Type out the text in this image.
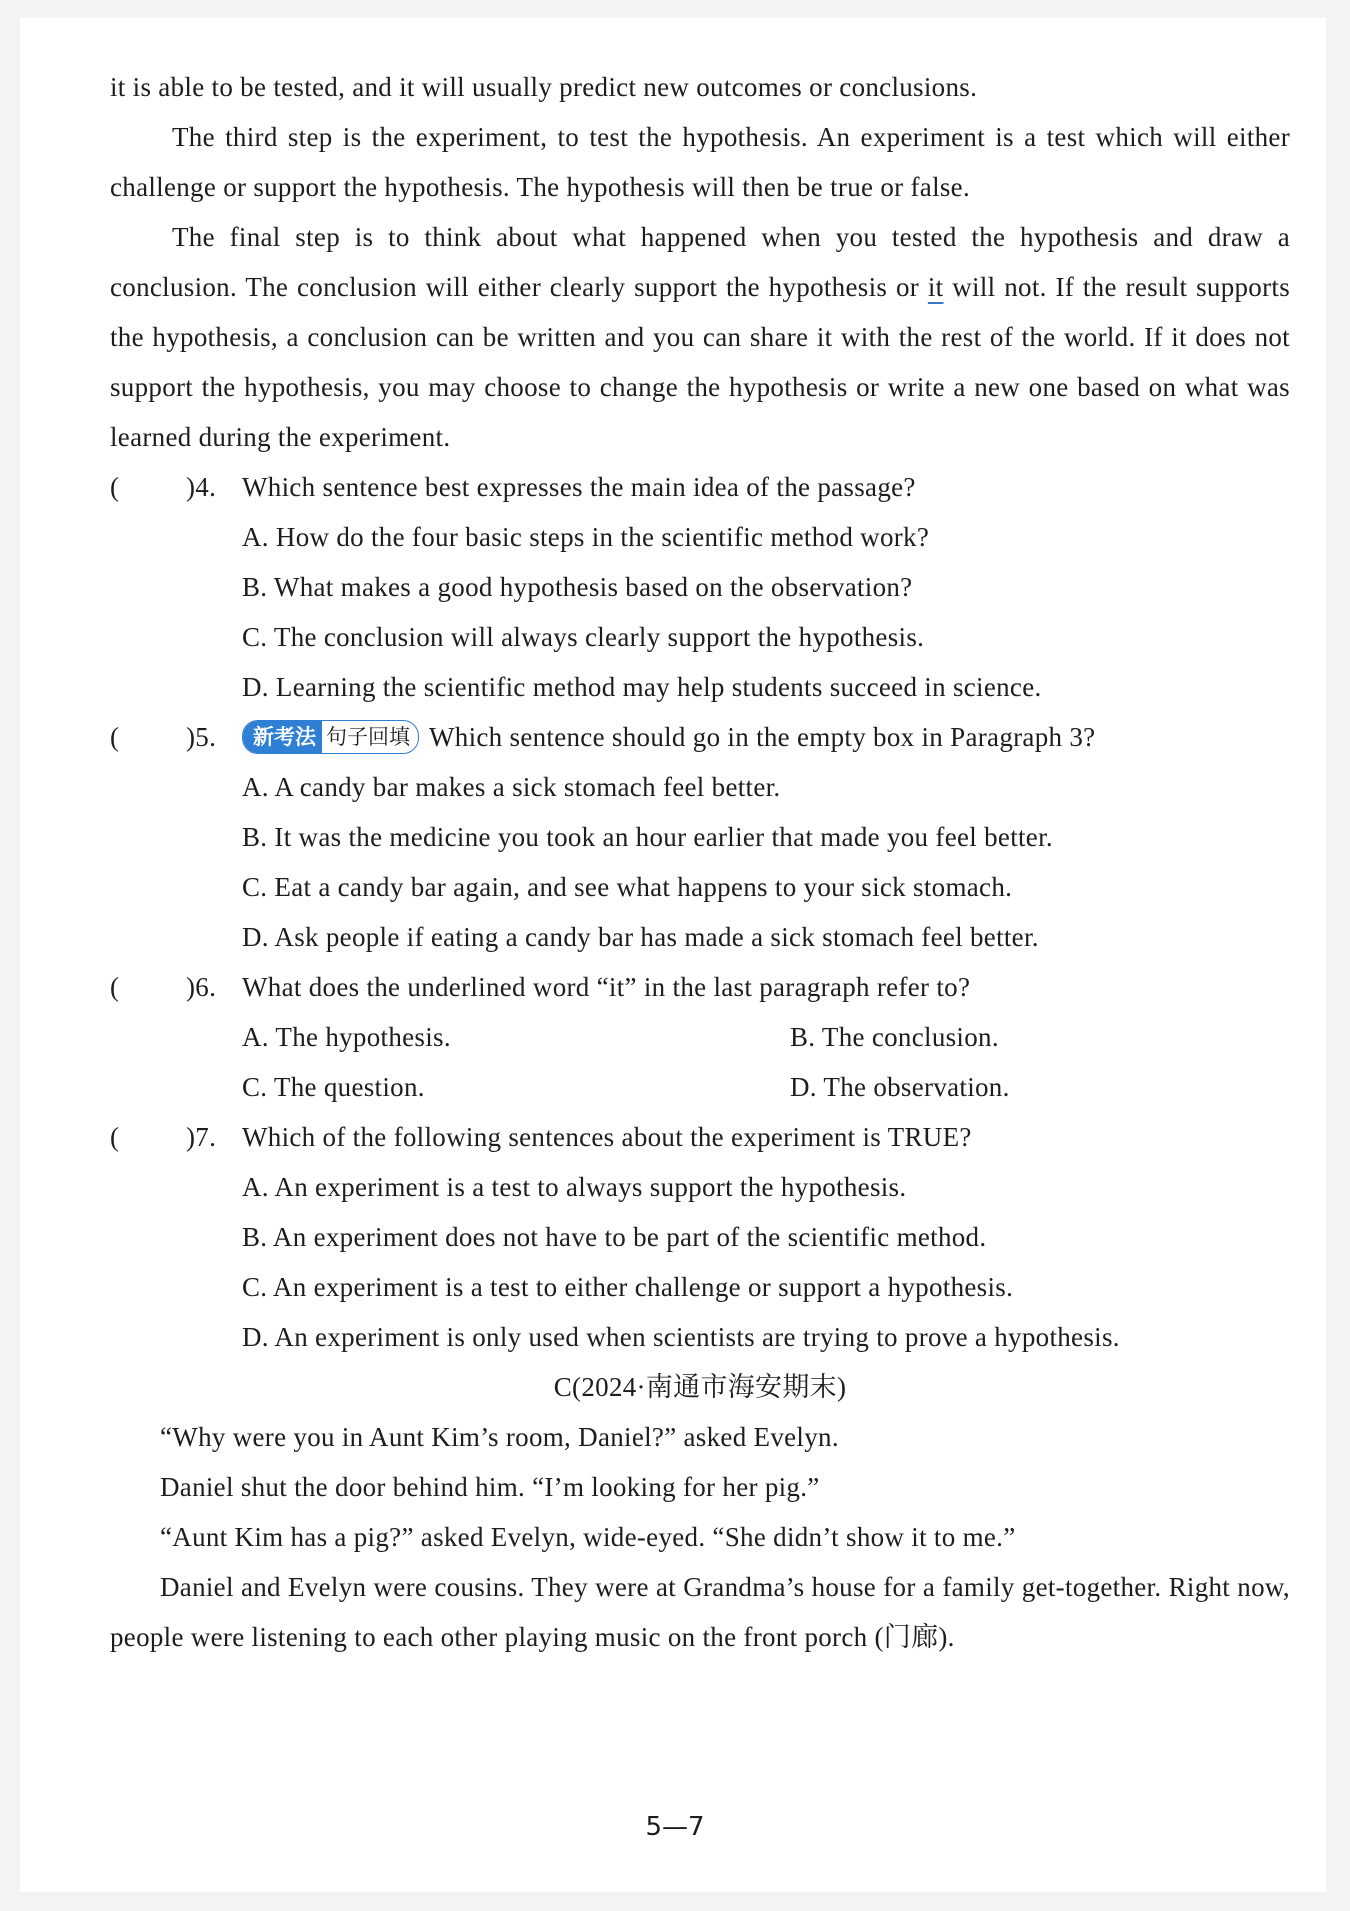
it is able to be tested, and it will usually predict new outcomes or conclusions.
The third step is the experiment, to test the hypothesis. An experiment is a test which will either challenge or support the hypothesis. The hypothesis will then be true or false.
The final step is to think about what happened when you tested the hypothesis and draw a conclusion. The conclusion will either clearly support the hypothesis or it will not. If the result supports the hypothesis, a conclusion can be written and you can share it with the rest of the world. If it does not support the hypothesis, you may choose to change the hypothesis or write a new one based on what was learned during the experiment.
( )4. Which sentence best expresses the main idea of the passage?
A. How do the four basic steps in the scientific method work?
B. What makes a good hypothesis based on the observation?
C. The conclusion will always clearly support the hypothesis.
D. Learning the scientific method may help students succeed in science.
( )5.	新考法 句子回填 Which sentence should go in the empty box in Paragraph 3?
A. A candy bar makes a sick stomach feel better.
B. It was the medicine you took an hour earlier that made you feel better.
C. Eat a candy bar again, and see what happens to your sick stomach.
D. Ask people if eating a candy bar has made a sick stomach feel better.
( )6. What does the underlined word “it” in the last paragraph refer to?
A. The hypothesis.	B. The conclusion.
C. The question.	D. The observation.
( )7. Which of the following sentences about the experiment is TRUE?
A. An experiment is a test to always support the hypothesis.
B. An experiment does not have to be part of the scientific method.
C. An experiment is a test to either challenge or support a hypothesis.
D. An experiment is only used when scientists are trying to prove a hypothesis.
C(2024·南通市海安期末)
“Why were you in Aunt Kim’s room, Daniel?” asked Evelyn.
Daniel shut the door behind him. “I’m looking for her pig.”
“Aunt Kim has a pig?” asked Evelyn, wide-eyed. “She didn’t show it to me.”
Daniel and Evelyn were cousins. They were at Grandma’s house for a family get-together. Right now, people were listening to each other playing music on the front porch (门廊).
5—7
